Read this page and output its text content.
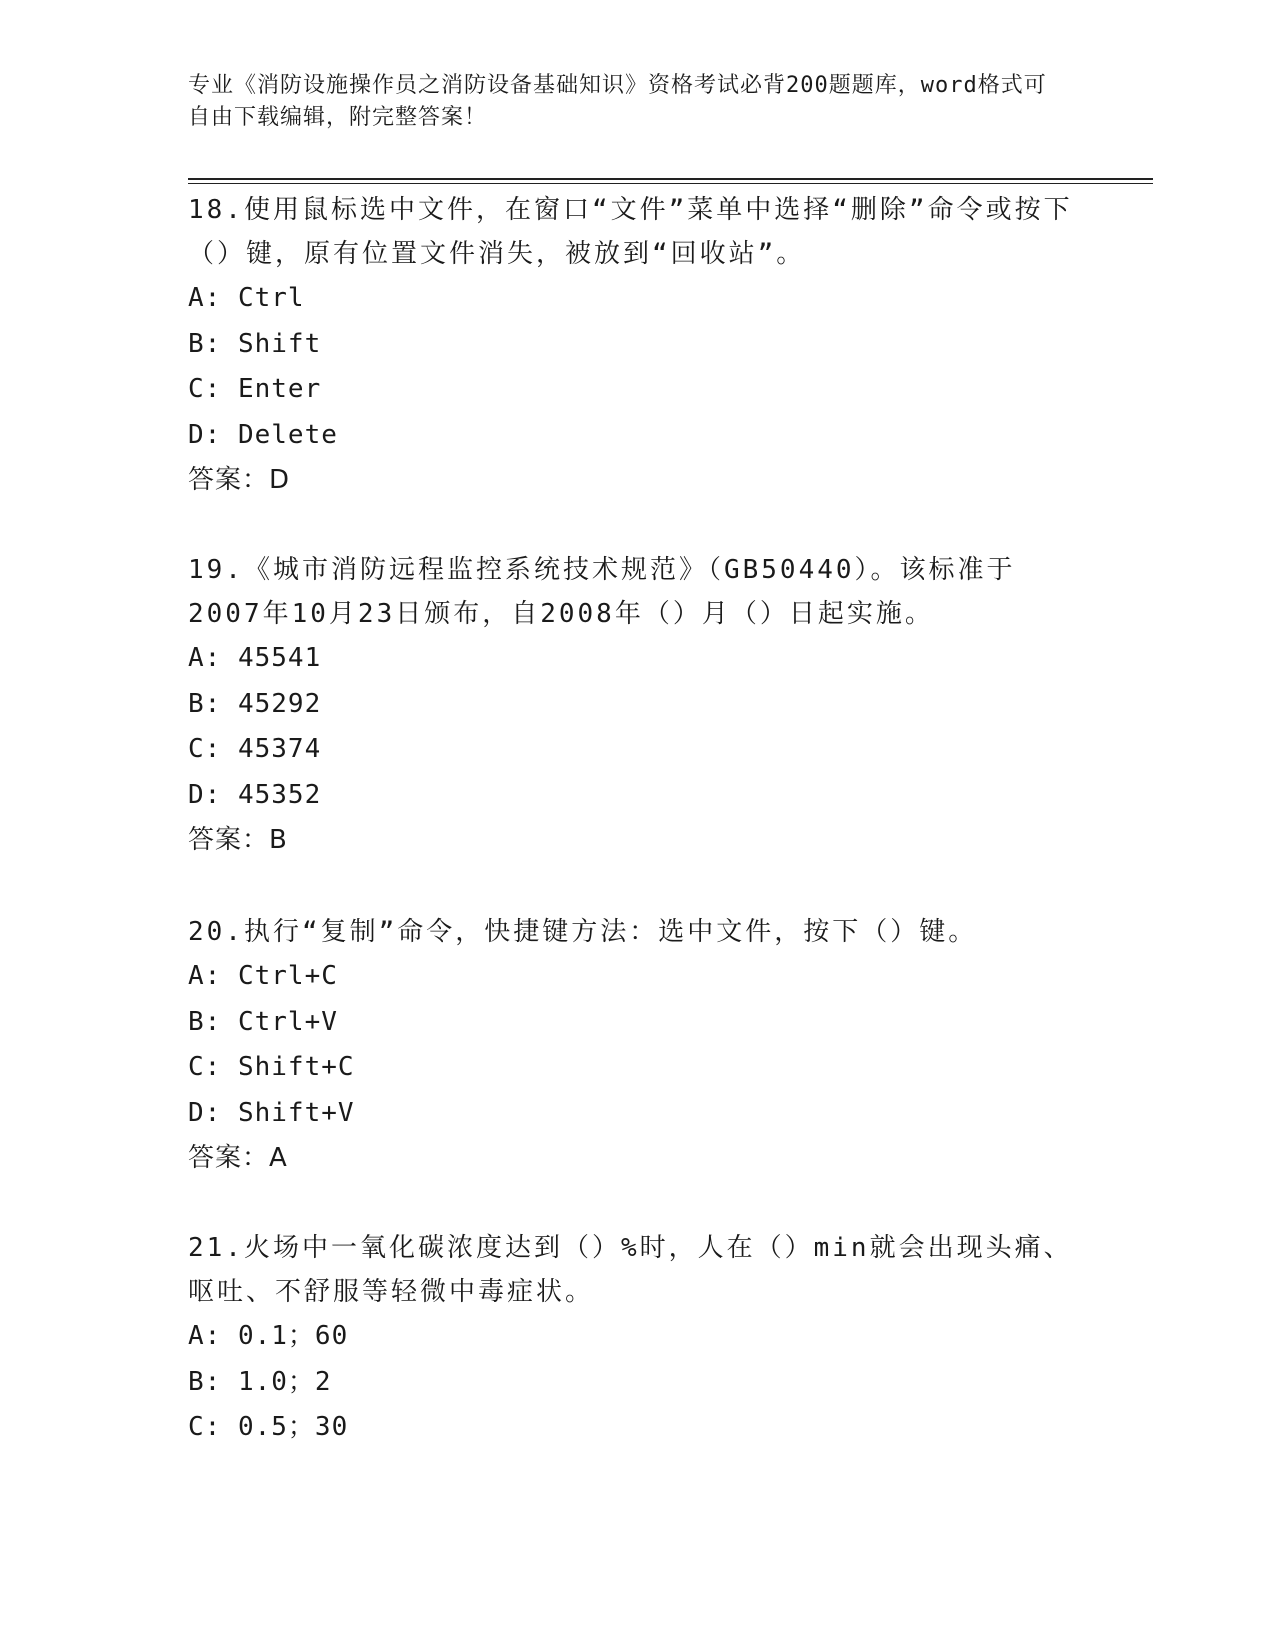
专业《消防设施操作员之消防设备基础知识》资格考试必背200题题库，word格式可自由下载编辑，附完整答案！

18.使用鼠标选中文件，在窗口“文件”菜单中选择“删除”命令或按下（）键，原有位置文件消失，被放到“回收站”。

A: Ctrl

B: Shift

C: Enter

D: Delete

答案：D

19.《城市消防远程监控系统技术规范》（GB50440）。该标准于2007年10月23日颁布，自2008年（）月（）日起实施。

A: 45541

B: 45292

C: 45374

D: 45352

答案：B

20.执行“复制”命令，快捷键方法：选中文件，按下（）键。

A: Ctrl+C

B: Ctrl+V

C: Shift+C

D: Shift+V

答案：A

21.火场中一氧化碳浓度达到（）%时，人在（）min就会出现头痛、呕吐、不舒服等轻微中毒症状。

A: 0.1；60

B: 1.0；2

C: 0.5；30
